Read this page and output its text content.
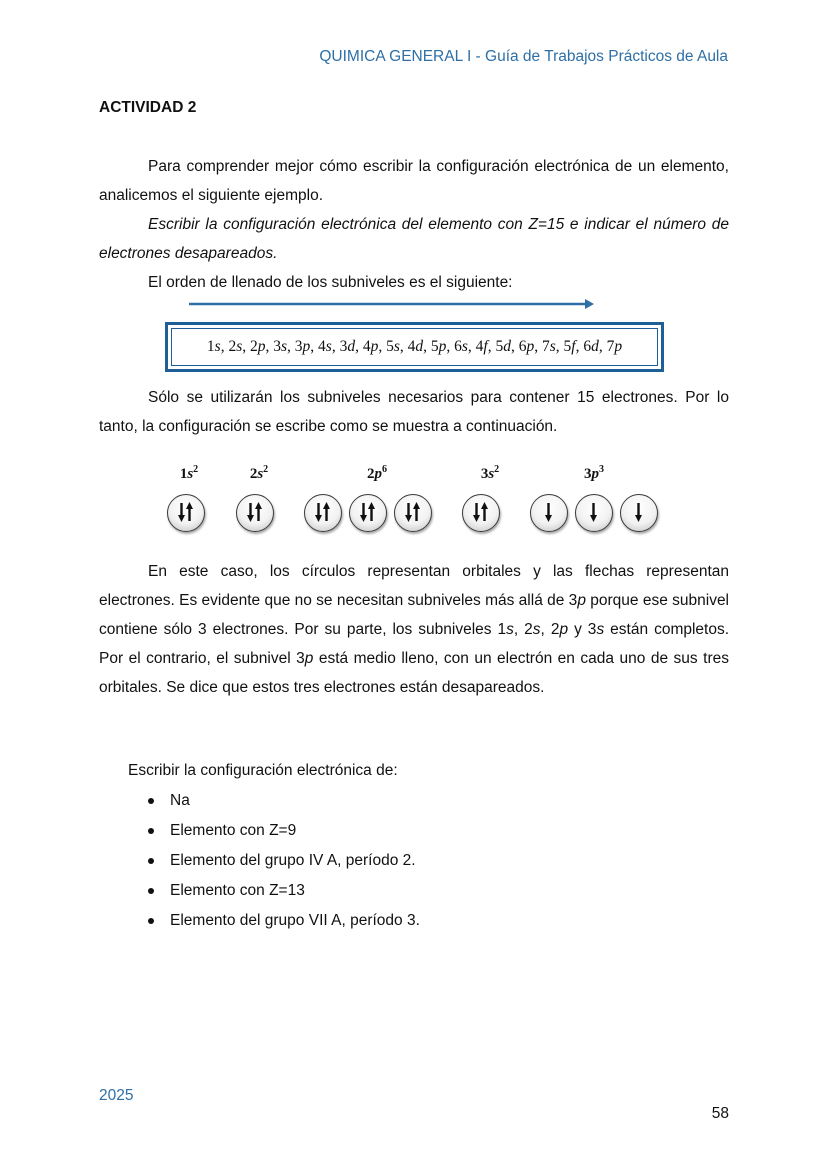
QUIMICA GENERAL I - Guía de Trabajos Prácticos de Aula
ACTIVIDAD 2

Para comprender mejor cómo escribir la configuración electrónica de un elemento, analicemos el siguiente ejemplo.

Escribir la configuración electrónica del elemento con Z=15 e indicar el número de electrones desapareados.

El orden de llenado de los subniveles es el siguiente:

1s , 2s , 2p , 3s , 3p , 4s , 3d , 4p , 5s , 4d , 5p , 6s , 4f , 5d , 6p , 7s , 5f , 6d , 7p

Sólo se utilizarán los subniveles necesarios para contener 15 electrones. Por lo tanto, la configuración se escribe como se muestra a continuación.

$1s^2$	$2s^2$	$2p^6$	$3s^2$	$3p^3$

En este caso, los círculos representan orbitales y las flechas representan electrones. Es evidente que no se necesitan subniveles más allá de 3p porque ese subnivel contiene sólo 3 electrones. Por su parte, los subniveles 1s, 2s, 2p y 3s están completos. Por el contrario, el subnivel 3p está medio lleno, con un electrón en cada uno de sus tres orbitales. Se dice que estos tres electrones están desapareados.

Escribir la configuración electrónica de:
Na
Elemento con Z=9
Elemento del grupo IV A, período 2.
Elemento con Z=13
Elemento del grupo VII A, período 3.
2025
58
